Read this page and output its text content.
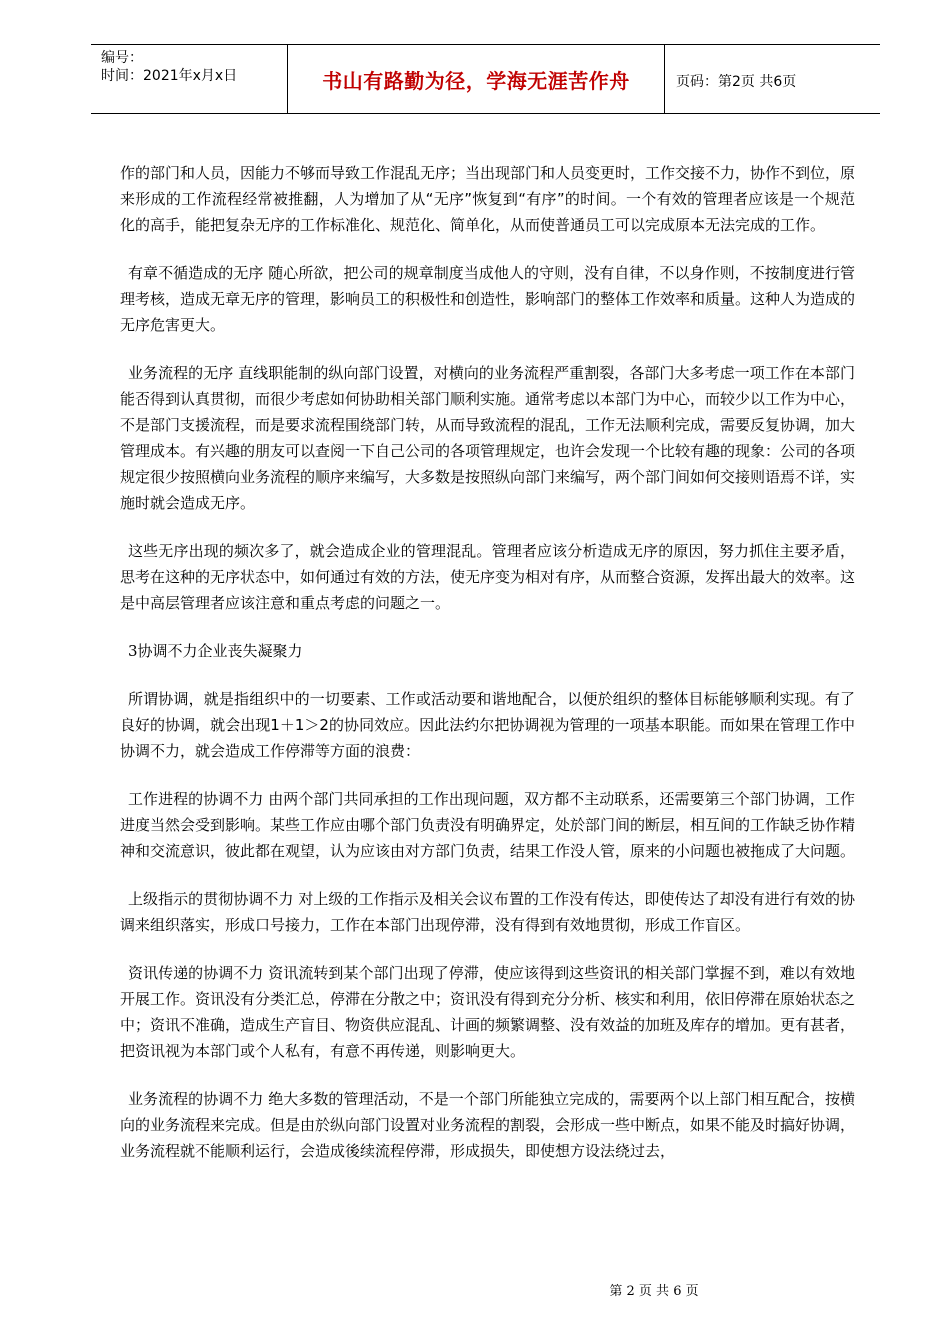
编号：
时间：2021年x月x日	书山有路勤为径，学海无涯苦作舟	页码：第2页 共6页

作的部门和人员，因能力不够而导致工作混乱无序；当出现部门和人员变更时，工作交接不力，协作不到位，原来形成的工作流程经常被推翻，人为增加了从“无序”恢复到“有序”的时间。一个有效的管理者应该是一个规范化的高手，能把复杂无序的工作标准化、规范化、简单化，从而使普通员工可以完成原本无法完成的工作。

有章不循造成的无序 随心所欲，把公司的规章制度当成他人的守则，没有自律，不以身作则，不按制度进行管理考核，造成无章无序的管理，影响员工的积极性和创造性，影响部门的整体工作效率和质量。这种人为造成的无序危害更大。

业务流程的无序 直线职能制的纵向部门设置，对横向的业务流程严重割裂，各部门大多考虑一项工作在本部门能否得到认真贯彻，而很少考虑如何协助相关部门顺利实施。通常考虑以本部门为中心，而较少以工作为中心，不是部门支援流程，而是要求流程围绕部门转，从而导致流程的混乱，工作无法顺利完成，需要反复协调，加大管理成本。有兴趣的朋友可以查阅一下自己公司的各项管理规定，也许会发现一个比较有趣的现象：公司的各项规定很少按照横向业务流程的顺序来编写，大多数是按照纵向部门来编写，两个部门间如何交接则语焉不详，实施时就会造成无序。

这些无序出现的频次多了，就会造成企业的管理混乱。管理者应该分析造成无序的原因，努力抓住主要矛盾，思考在这种的无序状态中，如何通过有效的方法，使无序变为相对有序，从而整合资源，发挥出最大的效率。这是中高层管理者应该注意和重点考虑的问题之一。

3协调不力企业丧失凝聚力

所谓协调，就是指组织中的一切要素、工作或活动要和谐地配合，以便於组织的整体目标能够顺利实现。有了良好的协调，就会出现1＋1＞2的协同效应。因此法约尔把协调视为管理的一项基本职能。而如果在管理工作中协调不力，就会造成工作停滞等方面的浪费：

工作进程的协调不力 由两个部门共同承担的工作出现问题，双方都不主动联系，还需要第三个部门协调，工作进度当然会受到影响。某些工作应由哪个部门负责没有明确界定，处於部门间的断层，相互间的工作缺乏协作精神和交流意识，彼此都在观望，认为应该由对方部门负责，结果工作没人管，原来的小问题也被拖成了大问题。

上级指示的贯彻协调不力 对上级的工作指示及相关会议布置的工作没有传达，即使传达了却没有进行有效的协调来组织落实，形成口号接力，工作在本部门出现停滞，没有得到有效地贯彻，形成工作盲区。

资讯传递的协调不力 资讯流转到某个部门出现了停滞，使应该得到这些资讯的相关部门掌握不到，难以有效地开展工作。资讯没有分类汇总，停滞在分散之中；资讯没有得到充分分析、核实和利用，依旧停滞在原始状态之中；资讯不准确，造成生产盲目、物资供应混乱、计画的频繁调整、没有效益的加班及库存的增加。更有甚者，把资讯视为本部门或个人私有，有意不再传递，则影响更大。

业务流程的协调不力 绝大多数的管理活动，不是一个部门所能独立完成的，需要两个以上部门相互配合，按横向的业务流程来完成。但是由於纵向部门设置对业务流程的割裂，会形成一些中断点，如果不能及时搞好协调，业务流程就不能顺利运行，会造成後续流程停滞，形成损失，即使想方设法绕过去，

第 2 页 共 6 页
